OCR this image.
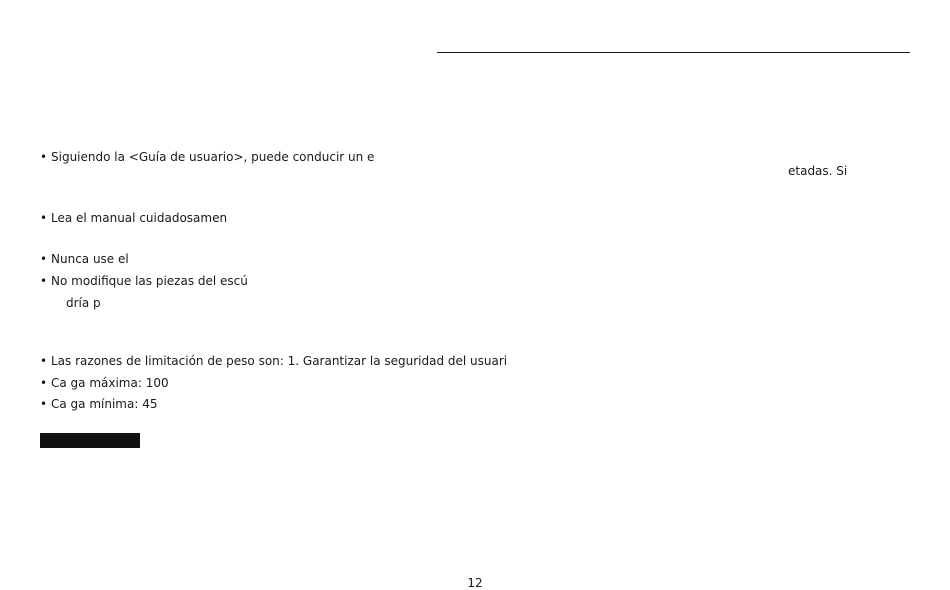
• Siguiendo la <Guía de usuario>, puede conducir un e
etadas. Si
• Lea el manual cuidadosamen
• Nunca use el
• No modifique las piezas del escú
dría p
• Las razones de limitación de peso son: 1. Garantizar la seguridad del usuari
• Ca ga máxima: 100
• Ca ga mínima: 45
12
